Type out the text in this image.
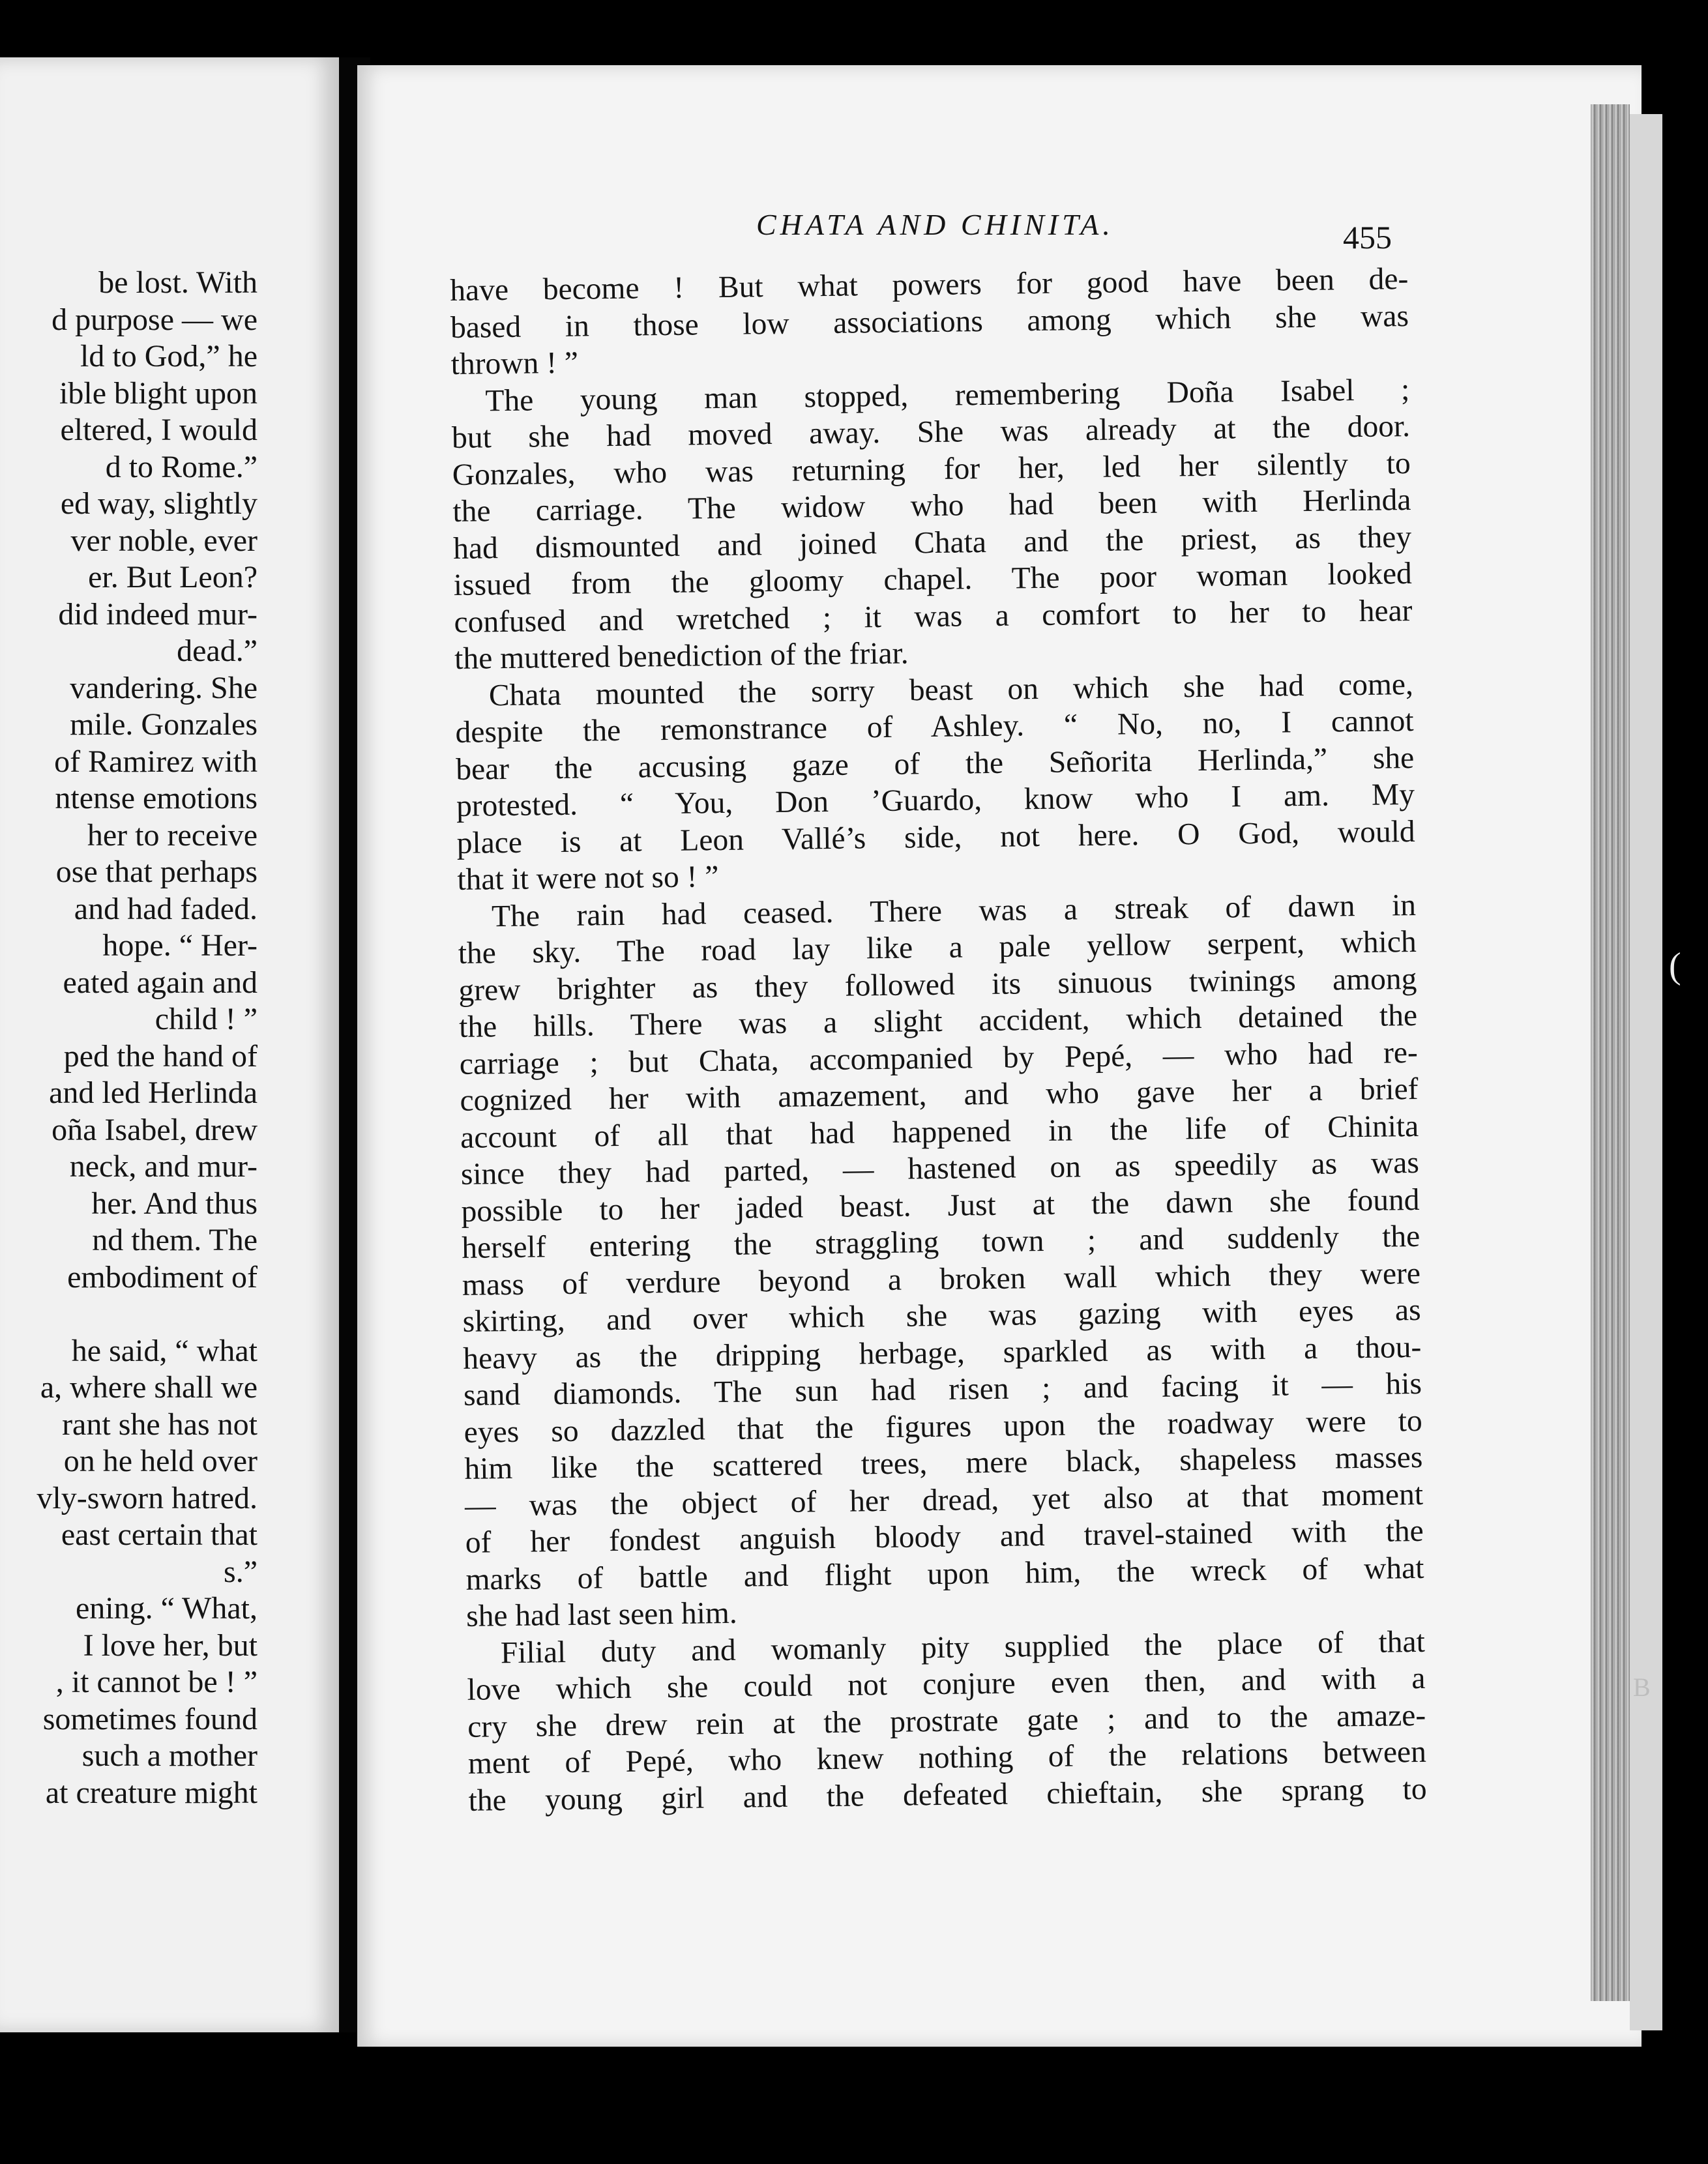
be lost. With
d purpose — we
ld to God,” he
ible blight upon
eltered, I would
d to Rome.”
ed way, slightly
ver noble, ever
er. But Leon?
did indeed mur-
dead.”
vandering. She
mile. Gonzales
of Ramirez with
ntense emotions
her to receive
ose that perhaps
and had faded.
hope. “ Her-
eated again and
child ! ”
ped the hand of
and led Herlinda
oña Isabel, drew
neck, and mur-
her. And thus
nd them. The
embodiment of
he said, “ what
a, where shall we
rant she has not
on he held over
vly-sworn hatred.
east certain that
s.”
ening. “ What,
I love her, but
, it cannot be ! ”
sometimes found
such a mother
at creature might
CHATA AND CHINITA.	455
have become ! But what powers for good have been de-
based in those low associations among which she was
thrown ! ”
The young man stopped, remembering Doña Isabel ;
but she had moved away. She was already at the door.
Gonzales, who was returning for her, led her silently to
the carriage. The widow who had been with Herlinda
had dismounted and joined Chata and the priest, as they
issued from the gloomy chapel. The poor woman looked
confused and wretched ; it was a comfort to her to hear
the muttered benediction of the friar.
Chata mounted the sorry beast on which she had come,
despite the remonstrance of Ashley. “ No, no, I cannot
bear the accusing gaze of the Señorita Herlinda,” she
protested. “ You, Don ’Guardo, know who I am. My
place is at Leon Vallé’s side, not here. O God, would
that it were not so ! ”
The rain had ceased. There was a streak of dawn in
the sky. The road lay like a pale yellow serpent, which
grew brighter as they followed its sinuous twinings among
the hills. There was a slight accident, which detained the
carriage ; but Chata, accompanied by Pepé, — who had re-
cognized her with amazement, and who gave her a brief
account of all that had happened in the life of Chinita
since they had parted, — hastened on as speedily as was
possible to her jaded beast. Just at the dawn she found
herself entering the straggling town ; and suddenly the
mass of verdure beyond a broken wall which they were
skirting, and over which she was gazing with eyes as
heavy as the dripping herbage, sparkled as with a thou-
sand diamonds. The sun had risen ; and facing it — his
eyes so dazzled that the figures upon the roadway were to
him like the scattered trees, mere black, shapeless masses
— was the object of her dread, yet also at that moment
of her fondest anguish bloody and travel-stained with the
marks of battle and flight upon him, the wreck of what
she had last seen him.
Filial duty and womanly pity supplied the place of that
love which she could not conjure even then, and with a
cry she drew rein at the prostrate gate ; and to the amaze-
ment of Pepé, who knew nothing of the relations between
the young girl and the defeated chieftain, she sprang to
(
B
